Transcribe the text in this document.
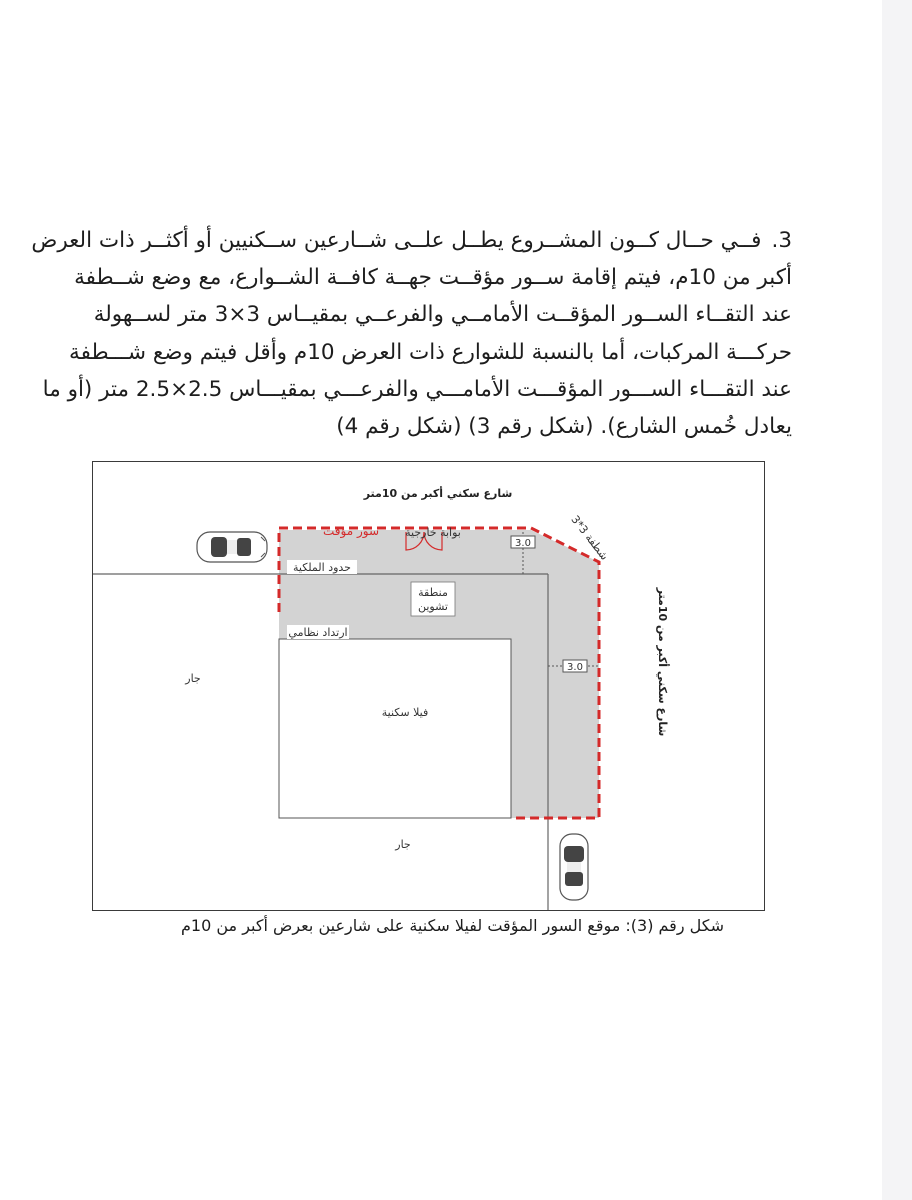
3.فــي حــال كــون المشــروع يطــل علــى شــارعين ســكنيين أو أكثــر ذات العرض
أكبر من 10م، فيتم إقامة ســور مؤقــت جهــة كافــة الشــوارع، مع وضع شــطفة
عند التقــاء الســور المؤقــت الأمامــي والفرعــي بمقيــاس 3×3 متر لســهولة
حركـــة المركبات، أما بالنسبة للشوارع ذات العرض 10م وأقل فيتم وضع شـــطفة
عند التقـــاء الســـور المؤقـــت الأمامـــي والفرعـــي بمقيـــاس 2.5×2.5 متر (أو ما
يعادل خُمس الشارع). (شكل رقم 3) (شكل رقم 4)
3.0
3.0
شارع سكني أكبر من 10متر
سور مؤقت بوابة خارجية
شطفة 3*3
حدود الملكية
ارتداد نظامي
منطقة
تشوين
فيلا سكنية
جار
جار
شارع سكني أكبر من 10متر
شكل رقم (3): موقع السور المؤقت لفيلا سكنية على شارعين بعرض أكبر من 10م
